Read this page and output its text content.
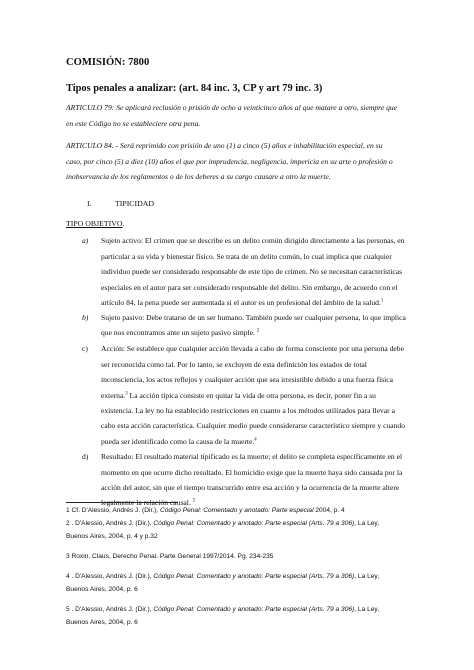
COMISIÓN: 7800
Tipos penales a analizar: (art. 84 inc. 3, CP y art 79 inc. 3)
ARTICULO 79: Se aplicará reclusión o prisión de ocho a veinticinco años al que matare a otro, siempre que
en este Código no se estableciere otra pena.
ARTICULO 84. - Será reprimido con prisión de uno (1) a cinco (5) años e inhabilitación especial, en su
caso, por cinco (5) a diez (10) años el que por imprudencia, negligencia, impericia en su arte o profesión o
inobservancia de los reglamentos o de los deberes a su cargo causare a otro la muerte.
I.	TIPICIDAD
TIPO OBJETIVO.
a) Sujeto activo: El crimen que se describe es un delito común dirigido directamente a las personas, en
particular a su vida y bienestar físico. Se trata de un delito común, lo cual implica que cualquier
individuo puede ser considerado responsable de este tipo de crimen. No se necesitan características
especiales en el autor para ser considerado responsable del delito. Sin embargo, de acuerdo con el
artículo 84, la pena puede ser aumentada si el autor es un profesional del ámbito de la salud.$^1$
b) Sujeto pasivo: Debe tratarse de un ser humano. También puede ser cualquier persona, lo que implica
que nos encontramos ante un sujeto pasivo simple. $^2$
c) Acción: Se establece que cualquier acción llevada a cabo de forma consciente por una persona debe
ser reconocida como tal. Por lo tanto, se excluyen de esta definición los estados de total
inconsciencia, los actos reflejos y cualquier acción que sea irresistible debido a una fuerza física
externa.$^3$ La acción típica consiste en quitar la vida de otra persona, es decir, poner fin a su
existencia. La ley no ha establecido restricciones en cuanto a los métodos utilizados para llevar a
cabo esta acción característica. Cualquier medio puede considerarse característico siempre y cuando
pueda ser identificado como la causa de la muerte.$^4$
d) Resultado: El resultado material tipificado es la muerte; el delito se completa específicamente en el
momento en que ocurre dicho resultado. El homicidio exige que la muerte haya sido causada por la
acción del autor, sin que el tiempo transcurrido entre esa acción y la ocurrencia de la muerte altere
legalmente la relación causal. $^5$
1 Cf. D'Alessio, Andrés J. (Dir.), Código Penal: Comentado y anotado: Parte especial 2004, p. 4
2 . D'Alessio, Andrés J. (Dir.), Código Penal: Comentado y anotado: Parte especial (Arts. 79 a 306), La Ley,
Buenos Aires, 2004, p. 4 y p.32
3 Roxin, Claus, Derecho Penal. Parte General 1997/2014. Pg. 234-235
4 . D'Alessio, Andrés J. (Dir.), Código Penal: Comentado y anotado: Parte especial (Arts. 79 a 306), La Ley,
Buenos Aires, 2004, p. 6
5 . D'Alessio, Andrés J. (Dir.), Código Penal: Comentado y anotado: Parte especial (Arts. 79 a 306), La Ley,
Buenos Aires, 2004, p. 6
